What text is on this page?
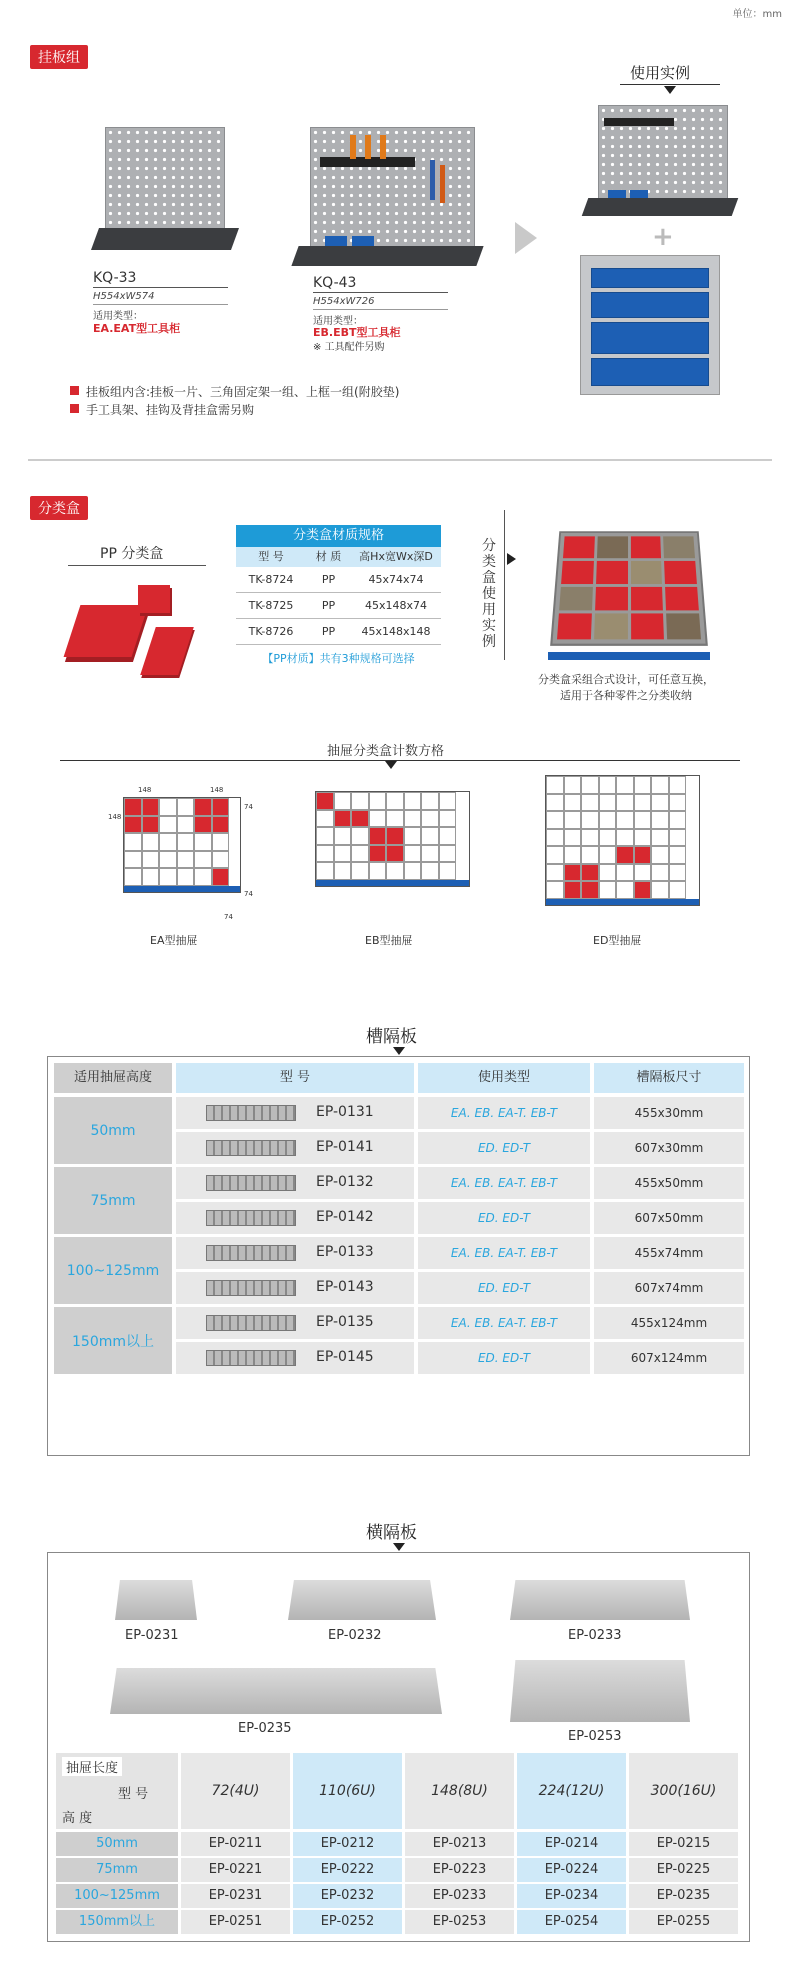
单位：mm
挂板组
KQ-33
H554xW574
适用类型：
EA.EAT型工具柜
KQ-43
H554xW726
适用类型：
EB.EBT型工具柜
※ 工具配件另购
使用实例
+
挂板组内含:挂板一片、三角固定架一组、上框一组(附胶垫)
手工具架、挂钩及背挂盒需另购
分类盒
PP 分类盒
分类盒材质规格
型 号	材 质	高Hx宽Wx深D
TK-8724	PP	45x74x74
TK-8725	PP	45x148x74
TK-8726	PP	45x148x148
【PP材质】共有3种规格可选择
分类盒使用实例
分类盒采组合式设计，可任意互换，
适用于各种零件之分类收纳
抽屉分类盒计数方格

148	148
148
74
74
74
EA型抽屉

								EB型抽屉

								ED型抽屉
槽隔板
适用抽屉高度	型 号	使用类型	槽隔板尺寸
50mm
EP-0131	EA. EB. EA-T. EB-T	455x30mm
EP-0141	ED. ED-T	607x30mm
75mm
EP-0132	EA. EB. EA-T. EB-T	455x50mm
EP-0142	ED. ED-T	607x50mm
100~125mm
EP-0133	EA. EB. EA-T. EB-T	455x74mm
EP-0143	ED. ED-T	607x74mm
150mm以上
EP-0135	EA. EB. EA-T. EB-T	455x124mm
EP-0145	ED. ED-T	607x124mm
横隔板
EP-0231	EP-0232	EP-0233
EP-0235
EP-0253
抽屉长度
型 号
高 度
72(4U)	110(6U)	148(8U)	224(12U)	300(16U)
50mm	EP-0211	EP-0212	EP-0213	EP-0214	EP-0215
75mm	EP-0221	EP-0222	EP-0223	EP-0224	EP-0225
100~125mm	EP-0231	EP-0232	EP-0233	EP-0234	EP-0235
150mm以上	EP-0251	EP-0252	EP-0253	EP-0254	EP-0255
